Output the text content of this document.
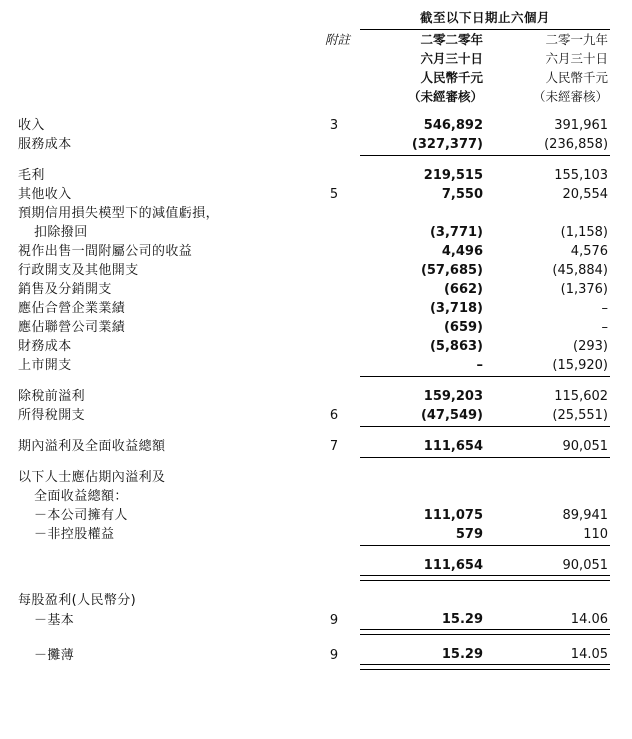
		截至以下日期止六個月	

	附註	二零二零年	二零一九年
		六月三十日	六月三十日
		人民幣千元	人民幣千元
		（未經審核）	（未經審核）

收入	3	546,892	391,961
服務成本		(327,377)	(236,858)

毛利		219,515	155,103
其他收入	5	7,550	20,554
預期信用損失模型下的減值虧損，			
扣除撥回		(3,771)	(1,158)
視作出售一間附屬公司的收益		4,496	4,576
行政開支及其他開支		(57,685)	(45,884)
銷售及分銷開支		(662)	(1,376)
應佔合營企業業績		(3,718)	–
應佔聯營公司業績		(659)	–
財務成本		(5,863)	(293)
上市開支		–	(15,920)

除稅前溢利		159,203	115,602
所得稅開支	6	(47,549)	(25,551)

期內溢利及全面收益總額	7	111,654	90,051

以下人士應佔期內溢利及			
全面收益總額：			
－本公司擁有人		111,075	89,941
－非控股權益		579	110

		111,654	90,051

每股盈利(人民幣分)			
－基本	9	15.29	14.06

－攤薄	9	15.29	14.05
